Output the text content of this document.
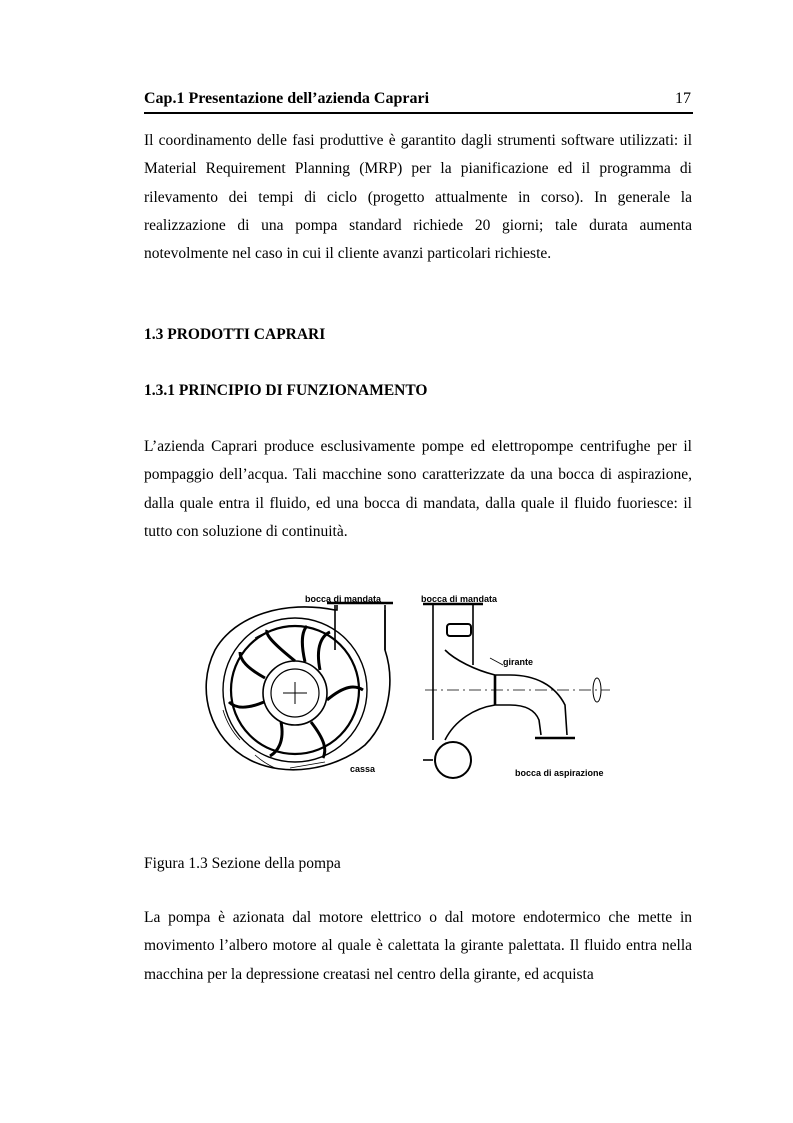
Cap.1 Presentazione dell’azienda Caprari	17

Il coordinamento delle fasi produttive è garantito dagli strumenti software utilizzati: il Material Requirement Planning (MRP) per la pianificazione ed il programma di rilevamento dei tempi di ciclo (progetto attualmente in corso). In generale la realizzazione di una pompa standard richiede 20 giorni; tale durata aumenta notevolmente nel caso in cui il cliente avanzi particolari richieste.

1.3 PRODOTTI CAPRARI

1.3.1 PRINCIPIO DI FUNZIONAMENTO

L’azienda Caprari produce esclusivamente pompe ed elettropompe centrifughe per il pompaggio dell’acqua. Tali macchine sono caratterizzate da una bocca di aspirazione, dalla quale entra il fluido, ed una bocca di mandata, dalla quale il fluido fuoriesce: il tutto con soluzione di continuità.

bocca di mandata	bocca di mandata
girante
cassa	bocca di aspirazione
Figura 1.3 Sezione della pompa

La pompa è azionata dal motore elettrico o dal motore endotermico che mette in movimento l’albero motore al quale è calettata la girante palettata. Il fluido entra nella macchina per la depressione creatasi nel centro della girante, ed acquista
